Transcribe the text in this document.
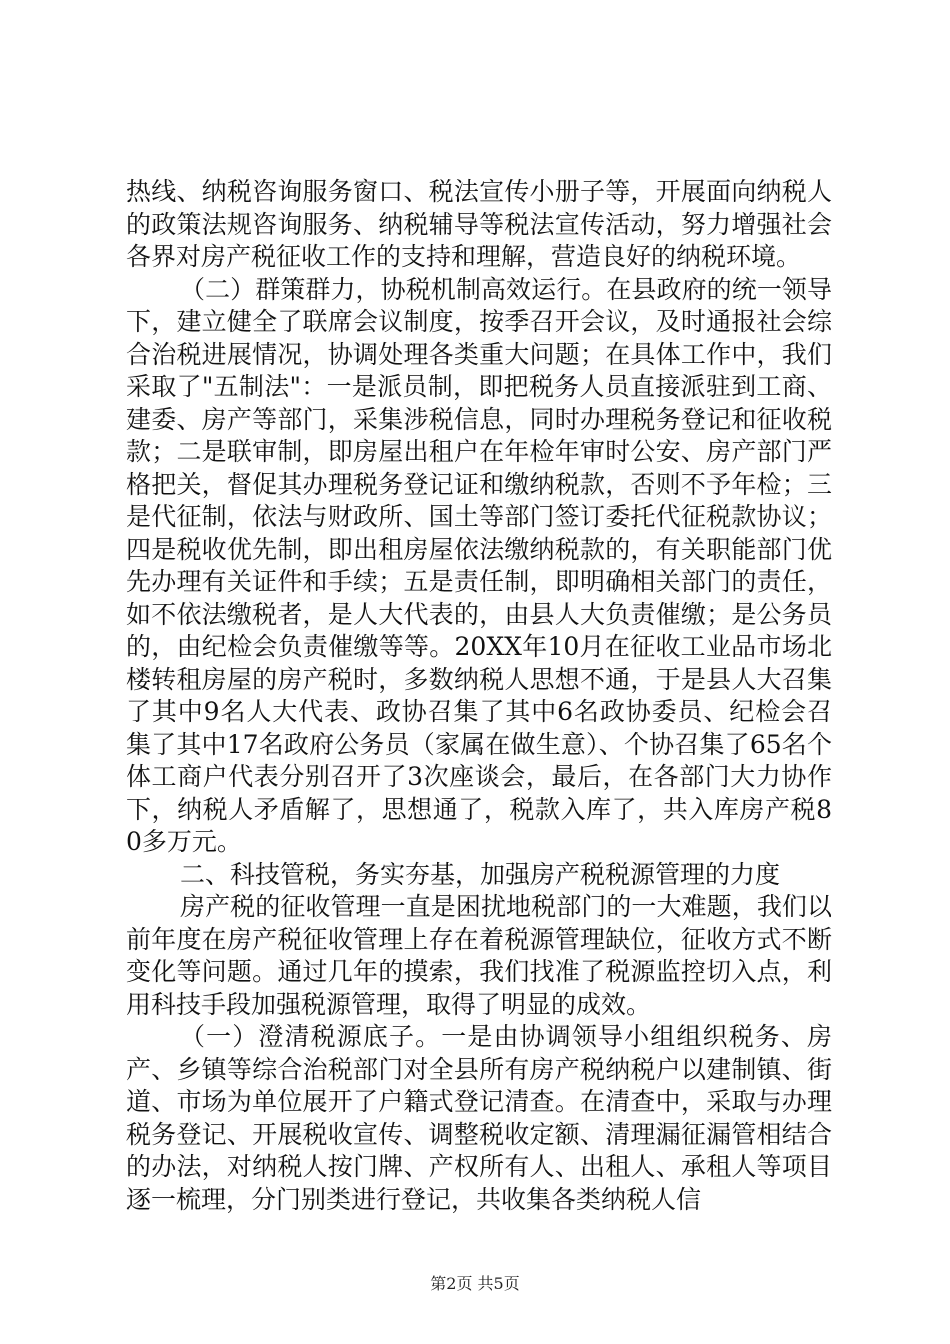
热线、纳税咨询服务窗口、税法宣传小册子等，开展面向纳税人的政策法规咨询服务、纳税辅导等税法宣传活动，努力增强社会各界对房产税征收工作的支持和理解，营造良好的纳税环境。

（二）群策群力，协税机制高效运行。在县政府的统一领导下，建立健全了联席会议制度，按季召开会议，及时通报社会综合治税进展情况，协调处理各类重大问题；在具体工作中，我们采取了"五制法"：一是派员制，即把税务人员直接派驻到工商、建委、房产等部门，采集涉税信息，同时办理税务登记和征收税款；二是联审制，即房屋出租户在年检年审时公安、房产部门严格把关，督促其办理税务登记证和缴纳税款，否则不予年检；三是代征制，依法与财政所、国土等部门签订委托代征税款协议；四是税收优先制，即出租房屋依法缴纳税款的，有关职能部门优先办理有关证件和手续；五是责任制，即明确相关部门的责任，如不依法缴税者，是人大代表的，由县人大负责催缴；是公务员的，由纪检会负责催缴等等。20XX年10月在征收工业品市场北楼转租房屋的房产税时，多数纳税人思想不通，于是县人大召集了其中9名人大代表、政协召集了其中6名政协委员、纪检会召集了其中17名政府公务员（家属在做生意）、个协召集了65名个体工商户代表分别召开了3次座谈会，最后，在各部门大力协作下，纳税人矛盾解了，思想通了，税款入库了，共入库房产税80多万元。

二、科技管税，务实夯基，加强房产税税源管理的力度

房产税的征收管理一直是困扰地税部门的一大难题，我们以前年度在房产税征收管理上存在着税源管理缺位，征收方式不断变化等问题。通过几年的摸索，我们找准了税源监控切入点，利用科技手段加强税源管理，取得了明显的成效。

（一）澄清税源底子。一是由协调领导小组组织税务、房产、乡镇等综合治税部门对全县所有房产税纳税户以建制镇、街道、市场为单位展开了户籍式登记清查。在清查中，采取与办理税务登记、开展税收宣传、调整税收定额、清理漏征漏管相结合的办法，对纳税人按门牌、产权所有人、出租人、承租人等项目逐一梳理，分门别类进行登记，共收集各类纳税人信

第2页 共5页
